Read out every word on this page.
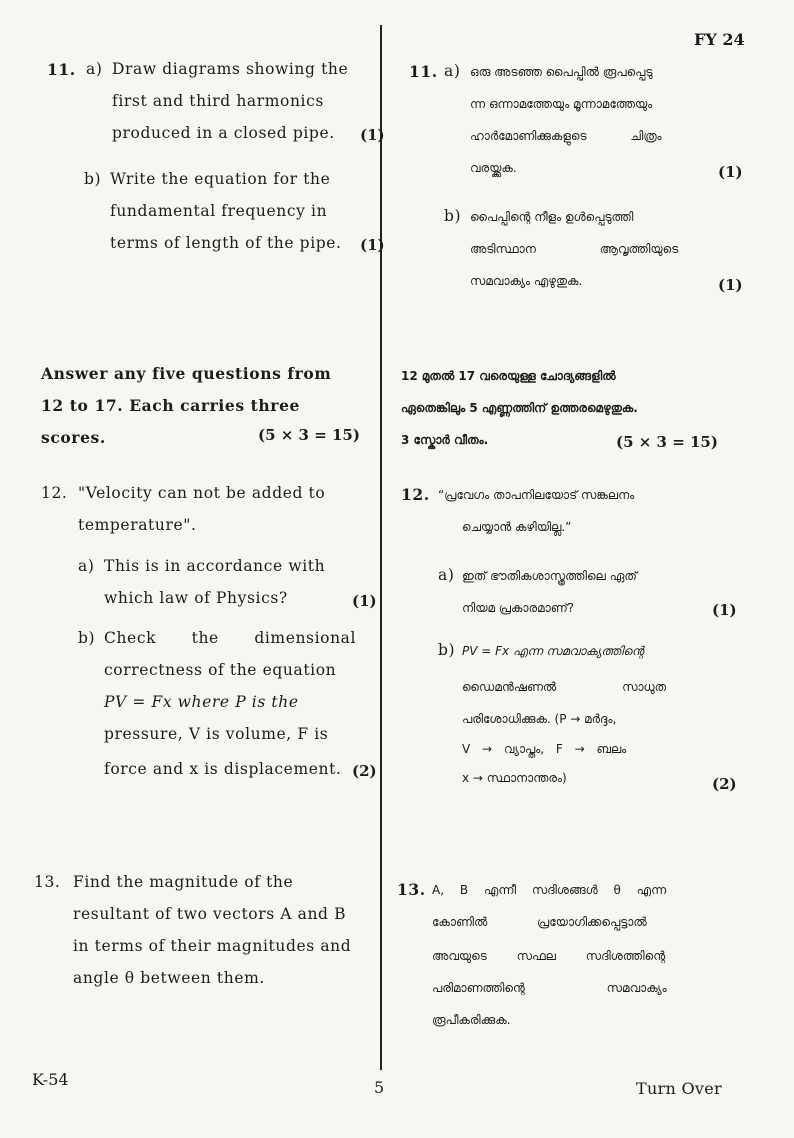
FY 24
11. a) Draw diagrams showing the
first and third harmonics
produced in a closed pipe. (1)
b) Write the equation for the
fundamental frequency in
terms of length of the pipe. (1)
Answer any five questions from
12 to 17. Each carries three
scores.	(5 × 3 = 15)
12. "Velocity can not be added to
temperature".
a) This is in accordance with
which law of Physics?	(1)
b) Check the dimensional
correctness of the equation
PV = Fx where P is the
pressure, V is volume, F is
force and x is displacement. (2)
13. Find the magnitude of the
resultant of two vectors A and B
in terms of their magnitudes and
angle θ between them.
11. a) ഒരു അടഞ്ഞ പൈപ്പിൽ രൂപപ്പെടു
ന്ന ഒന്നാമത്തേയും മൂന്നാമത്തേയും
ഹാർമോണിക്കുകളുടെ ചിത്രം
വരയ്ക്കുക.	(1)
b) പൈപ്പിന്റെ നീളം ഉൾപ്പെടുത്തി
അടിസ്ഥാന ആവൃത്തിയുടെ
സമവാക്യം എഴുതുക.	(1)
12 മുതൽ 17 വരെയുള്ള ചോദ്യങ്ങളിൽ
ഏതെങ്കിലും 5 എണ്ണത്തിന് ഉത്തരമെഴുതുക.
3 സ്കോർ വീതം.	(5 × 3 = 15)
12. “പ്രവേഗം താപനിലയോട് സങ്കലനം
ചെയ്യാൻ കഴിയില്ല.”
a) ഇത് ഭൗതികശാസ്ത്രത്തിലെ ഏത്
നിയമ പ്രകാരമാണ്?	(1)
b) PV = Fx എന്ന സമവാക്യത്തിന്റെ
ഡൈമൻഷണൽ സാധുത
പരിശോധിക്കുക. (P → മർദ്ദം,
V → വ്യാപ്തം, F → ബലം
x → സ്ഥാനാന്തരം)	(2)
13. A, B എന്നീ സദിശങ്ങൾ θ എന്ന
കോണിൽ പ്രയോഗിക്കപ്പെട്ടാൽ
അവയുടെ സഫല സദിശത്തിന്റെ
പരിമാണത്തിന്റെ സമവാക്യം
രൂപീകരിക്കുക.
K-54	5	Turn Over
